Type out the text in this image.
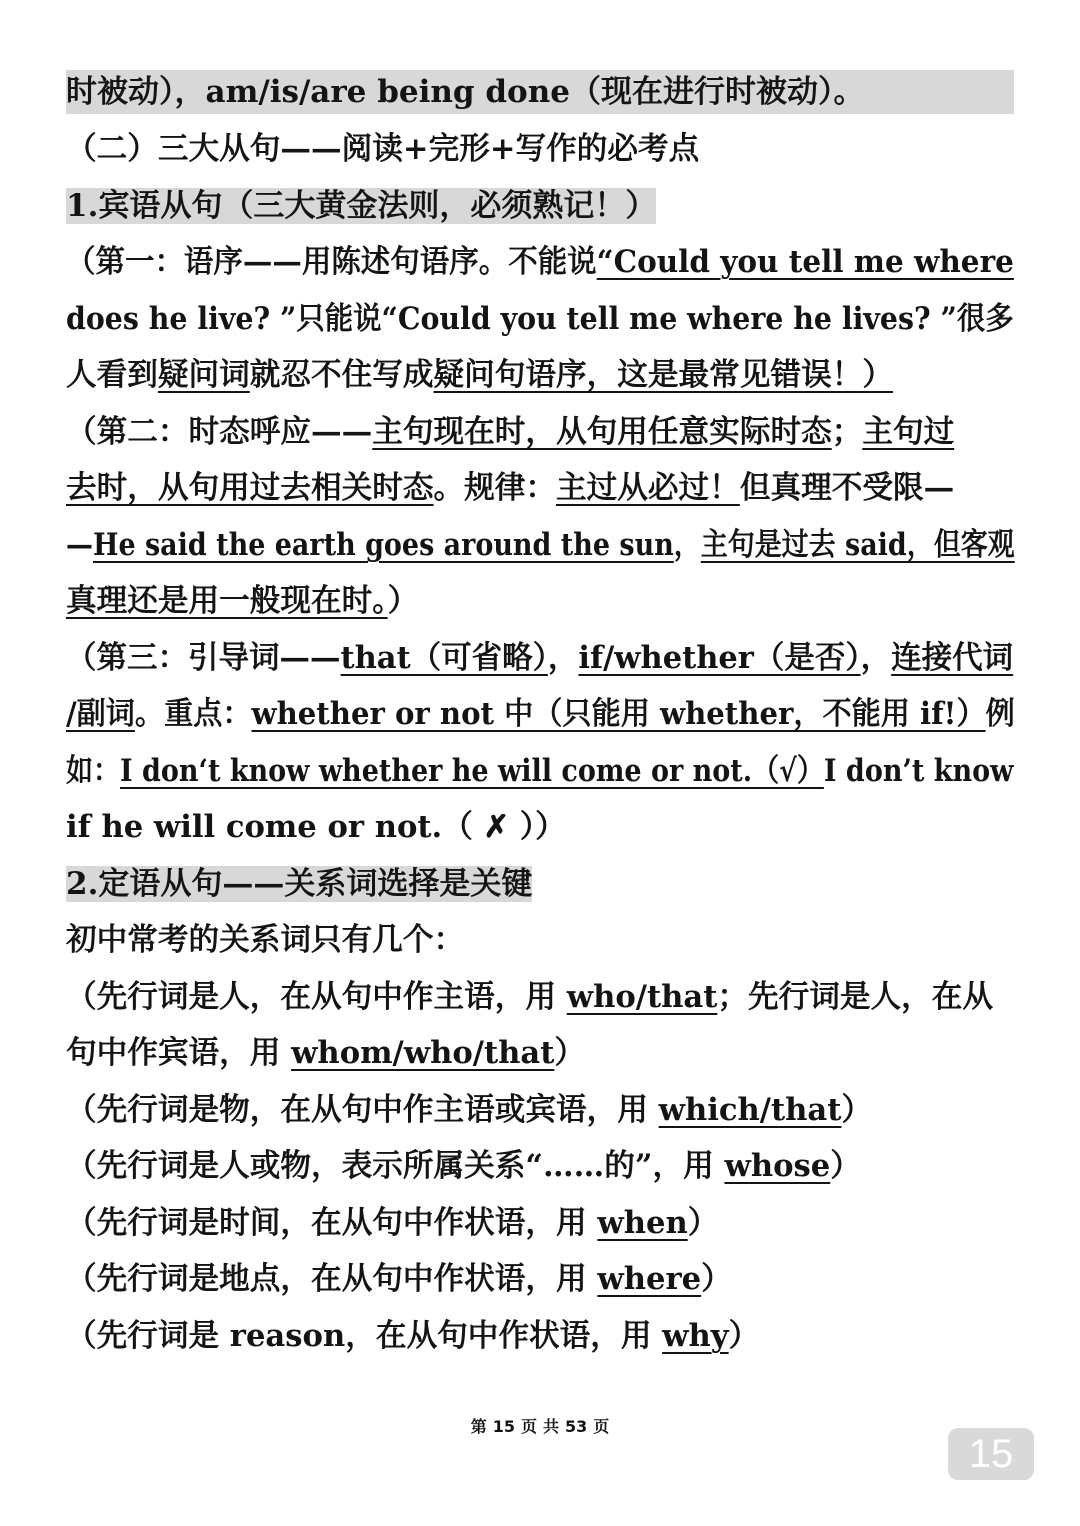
时被动），am/is/are being done（现在进行时被动）。
（二）三大从句——阅读+完形+写作的必考点
1.宾语从句（三大黄金法则，必须熟记！）
（第一：语序——用陈述句语序。不能说“Could you tell me where
does he live? ”只能说“Could you tell me where he lives? ”很多
人看到疑问词就忍不住写成疑问句语序，这是最常见错误！）
（第二：时态呼应——主句现在时，从句用任意实际时态；主句过
去时，从句用过去相关时态。规律：主过从必过！但真理不受限—
—He said the earth goes around the sun，主句是过去 said，但客观
真理还是用一般现在时。）
（第三：引导词——that（可省略），if/whether（是否），连接代词
/副词。重点：whether or not 中（只能用 whether，不能用 if!）例
如：I don‘t know whether he will come or not.（√）I don’t know
if he will come or not.（ ✗ ））
2.定语从句——关系词选择是关键
初中常考的关系词只有几个：
（先行词是人，在从句中作主语，用 who/that；先行词是人，在从
句中作宾语，用 whom/who/that）
（先行词是物，在从句中作主语或宾语，用 which/that）
（先行词是人或物，表示所属关系“……的”，用 whose）
（先行词是时间，在从句中作状语，用 when）
（先行词是地点，在从句中作状语，用 where）
（先行词是 reason，在从句中作状语，用 why）
第 15 页 共 53 页
15
